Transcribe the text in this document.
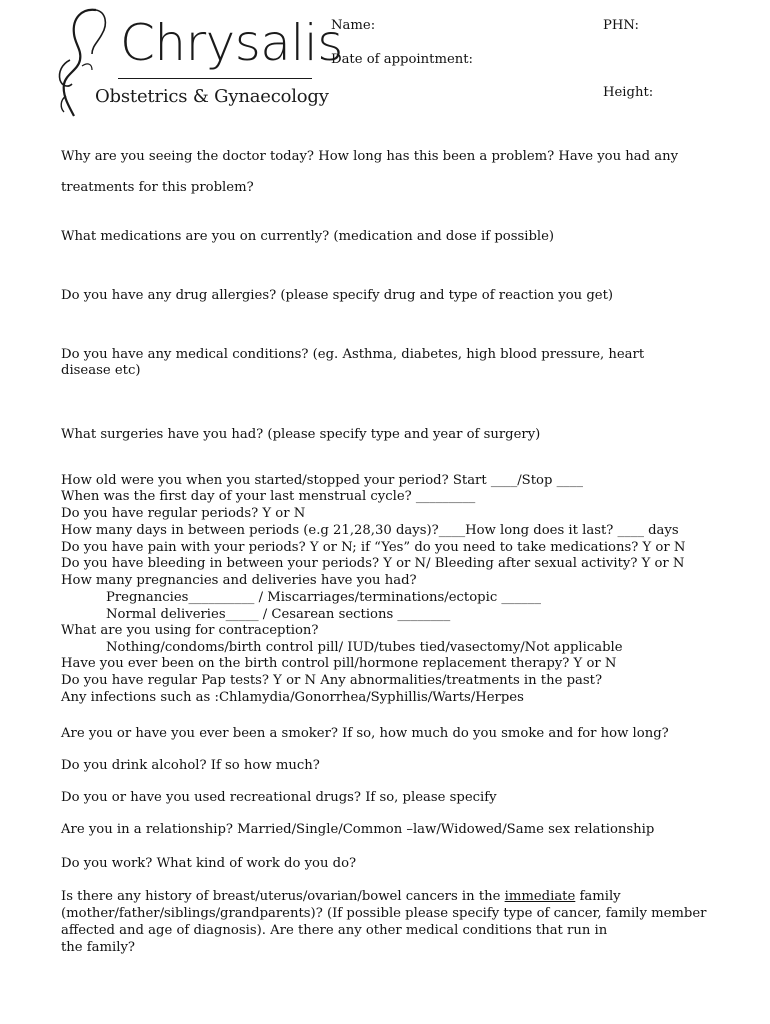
Chrysalis
Obstetrics & Gynaecology
Name:	PHN:
Date of appointment:
Height:
Why are you seeing the doctor today? How long has this been a problem? Have you had any
treatments for this problem?
What medications are you on currently? (medication and dose if possible)
Do you have any drug allergies? (please specify drug and type of reaction you get)
Do you have any medical conditions? (eg. Asthma, diabetes, high blood pressure, heart
disease etc)
What surgeries have you had? (please specify type and year of surgery)
How old were you when you started/stopped your period? Start ____/Stop ____
When was the first day of your last menstrual cycle? _________
Do you have regular periods? Y or N
How many days in between periods (e.g 21,28,30 days)?____How long does it last? ____ days
Do you have pain with your periods? Y or N; if “Yes” do you need to take medications? Y or N
Do you have bleeding in between your periods? Y or N/ Bleeding after sexual activity? Y or N
How many pregnancies and deliveries have you had?
Pregnancies__________ / Miscarriages/terminations/ectopic ______
Normal deliveries_____ / Cesarean sections ________
What are you using for contraception?
Nothing/condoms/birth control pill/ IUD/tubes tied/vasectomy/Not applicable
Have you ever been on the birth control pill/hormone replacement therapy? Y or N
Do you have regular Pap tests? Y or N Any abnormalities/treatments in the past?
Any infections such as :Chlamydia/Gonorrhea/Syphillis/Warts/Herpes
Are you or have you ever been a smoker? If so, how much do you smoke and for how long?
Do you drink alcohol? If so how much?
Do you or have you used recreational drugs? If so, please specify
Are you in a relationship? Married/Single/Common –law/Widowed/Same sex relationship
Do you work? What kind of work do you do?
Is there any history of breast/uterus/ovarian/bowel cancers in the immediate family
(mother/father/siblings/grandparents)? (If possible please specify type of cancer, family member
affected and age of diagnosis). Are there any other medical conditions that run in
the family?
